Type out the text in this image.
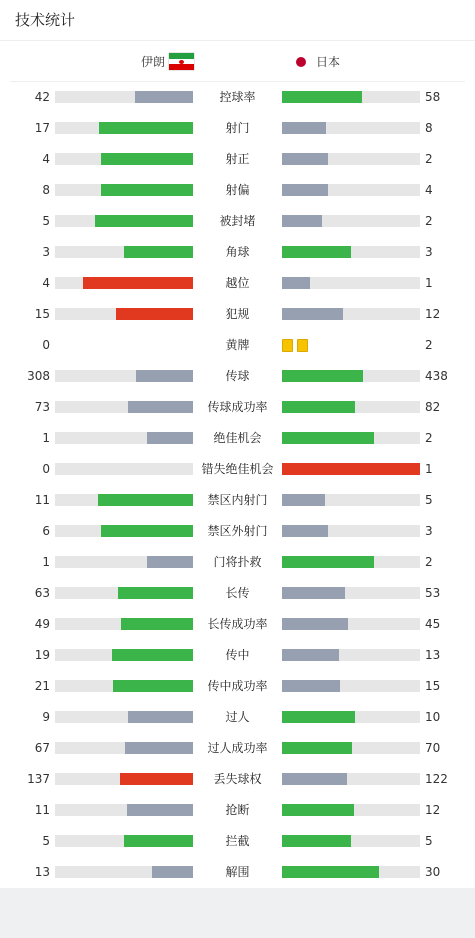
技术统计
伊朗	日本
42	控球率	58
17	射门	8
4	射正	2
8	射偏	4
5	被封堵	2
3	角球	3
4	越位	1
15	犯规	12
0	黄牌	2
308	传球	438
73	传球成功率	82
1	绝佳机会	2
0	错失绝佳机会	1
11	禁区内射门	5
6	禁区外射门	3
1	门将扑救	2
63	长传	53
49	长传成功率	45
19	传中	13
21	传中成功率	15
9	过人	10
67	过人成功率	70
137	丢失球权	122
11	抢断	12
5	拦截	5
13	解围	30
